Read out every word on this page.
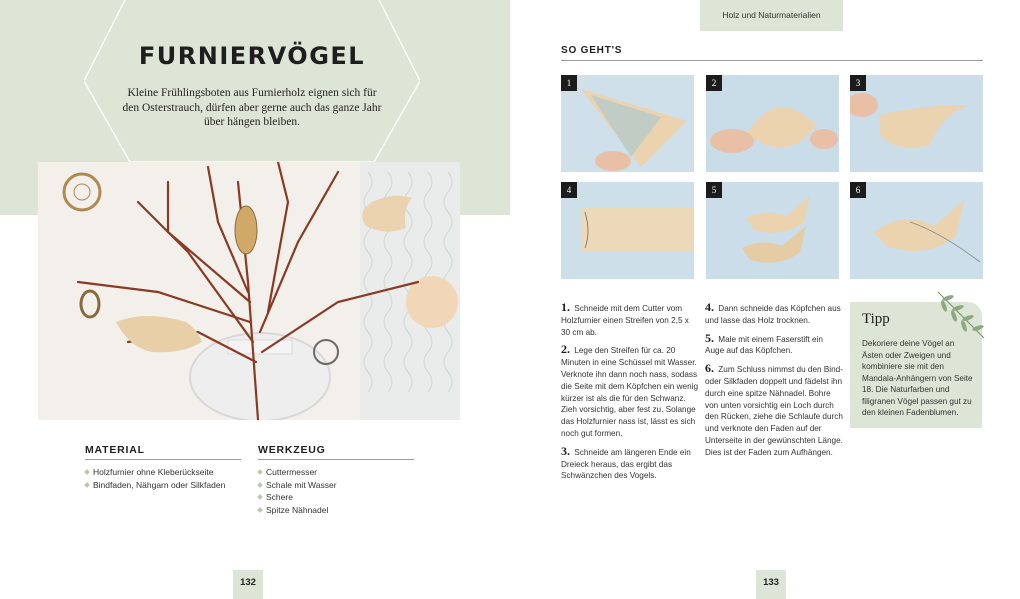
FURNIERVÖGEL

Kleine Frühlingsboten aus Furnierholz eignen sich für den Osterstrauch, dürfen aber gerne auch das ganze Jahr über hängen bleiben.

MATERIAL
Holzfurnier ohne Kleberückseite
Bindfaden, Nähgarn oder Silkfaden
WERKZEUG
Cuttermesser
Schale mit Wasser
Schere
Spitze Nähnadel
132
Holz und Naturmaterialien
SO GEHT'S
1	2	3
4	5	6

1. Schneide mit dem Cutter vom Holzfurnier einen Streifen von 2,5 x 30 cm ab.

2. Lege den Streifen für ca. 20 Minuten in eine Schüssel mit Wasser. Verknote ihn dann noch nass, sodass die Seite mit dem Köpfchen ein wenig kürzer ist als die für den Schwanz. Zieh vorsichtig, aber fest zu. Solange das Holzfurnier nass ist, lässt es sich noch gut formen.

3. Schneide am längeren Ende ein Dreieck heraus, das ergibt das Schwänzchen des Vogels.

4. Dann schneide das Köpfchen aus und lasse das Holz trocknen.

5. Male mit einem Faserstift ein Auge auf das Köpfchen.

6. Zum Schluss nimmst du den Bind- oder Silkfaden doppelt und fädelst ihn durch eine spitze Nähnadel. Bohre von unten vorsichtig ein Loch durch den Rücken, ziehe die Schlaufe durch und verknote den Faden auf der Unterseite in der gewünschten Länge. Dies ist der Faden zum Aufhängen.

Tipp
Dekoriere deine Vögel an Ästen oder Zweigen und kombiniere sie mit den Mandala-Anhängern von Seite 18. Die Naturfarben und filigranen Vögel passen gut zu den kleinen Fadenblumen.
133
